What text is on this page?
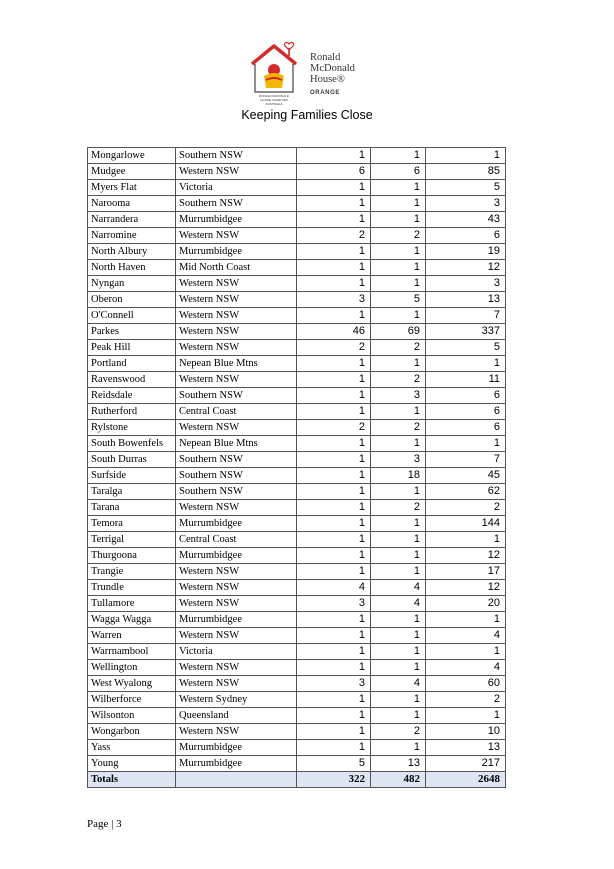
RONALD McDONALD
HOUSE CHARITIES
AUSTRALIA
Ronald
McDonald
House®
ORANGE
Keeping Families Close
Mongarlowe	Southern NSW	1	1	1
Mudgee	Western NSW	6	6	85
Myers Flat	Victoria	1	1	5
Narooma	Southern NSW	1	1	3
Narrandera	Murrumbidgee	1	1	43
Narromine	Western NSW	2	2	6
North Albury	Murrumbidgee	1	1	19
North Haven	Mid North Coast	1	1	12
Nyngan	Western NSW	1	1	3
Oberon	Western NSW	3	5	13
O'Connell	Western NSW	1	1	7
Parkes	Western NSW	46	69	337
Peak Hill	Western NSW	2	2	5
Portland	Nepean Blue Mtns	1	1	1
Ravenswood	Western NSW	1	2	11
Reidsdale	Southern NSW	1	3	6
Rutherford	Central Coast	1	1	6
Rylstone	Western NSW	2	2	6
South Bowenfels	Nepean Blue Mtns	1	1	1
South Durras	Southern NSW	1	3	7
Surfside	Southern NSW	1	18	45
Taralga	Southern NSW	1	1	62
Tarana	Western NSW	1	2	2
Temora	Murrumbidgee	1	1	144
Terrigal	Central Coast	1	1	1
Thurgoona	Murrumbidgee	1	1	12
Trangie	Western NSW	1	1	17
Trundle	Western NSW	4	4	12
Tullamore	Western NSW	3	4	20
Wagga Wagga	Murrumbidgee	1	1	1
Warren	Western NSW	1	1	4
Warrnambool	Victoria	1	1	1
Wellington	Western NSW	1	1	4
West Wyalong	Western NSW	3	4	60
Wilberforce	Western Sydney	1	1	2
Wilsonton	Queensland	1	1	1
Wongarbon	Western NSW	1	2	10
Yass	Murrumbidgee	1	1	13
Young	Murrumbidgee	5	13	217
Totals		322	482	2648
Page | 3
